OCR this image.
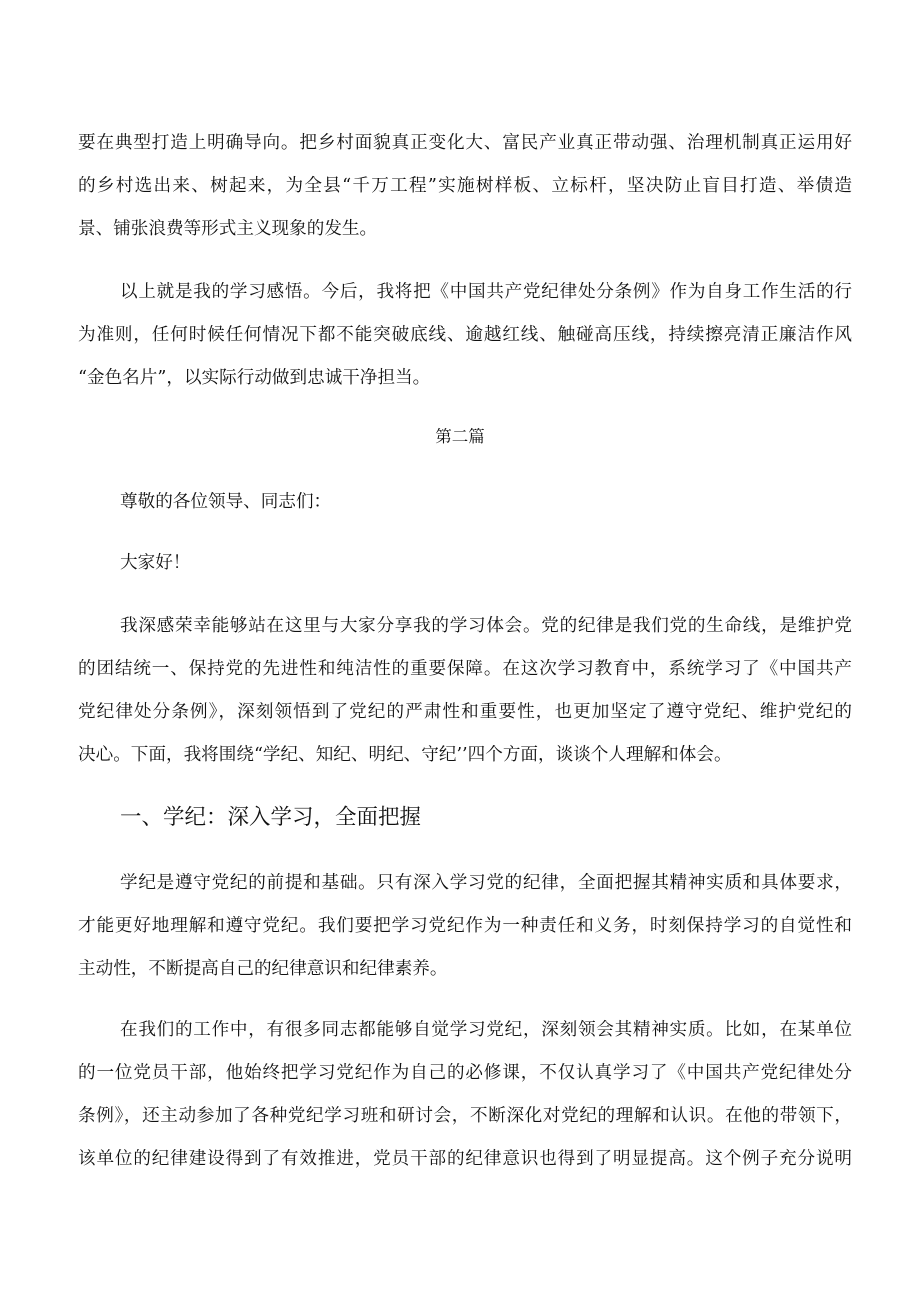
要在典型打造上明确导向。把乡村面貌真正变化大、富民产业真正带动强、治理机制真正运用好
的乡村选出来、树起来，为全县“千万工程”实施树样板、立标杆，坚决防止盲目打造、举债造
景、铺张浪费等形式主义现象的发生。
以上就是我的学习感悟。今后，我将把《中国共产党纪律处分条例》作为自身工作生活的行
为准则，任何时候任何情况下都不能突破底线、逾越红线、触碰高压线，持续擦亮清正廉洁作风
“金色名片”，以实际行动做到忠诚干净担当。
第二篇
尊敬的各位领导、同志们：
大家好！
我深感荣幸能够站在这里与大家分享我的学习体会。党的纪律是我们党的生命线，是维护党
的团结统一、保持党的先进性和纯洁性的重要保障。在这次学习教育中，系统学习了《中国共产
党纪律处分条例》，深刻领悟到了党纪的严肃性和重要性，也更加坚定了遵守党纪、维护党纪的
决心。下面，我将围绕“学纪、知纪、明纪、守纪’’四个方面，谈谈个人理解和体会。
一、学纪：深入学习，全面把握
学纪是遵守党纪的前提和基础。只有深入学习党的纪律，全面把握其精神实质和具体要求，
才能更好地理解和遵守党纪。我们要把学习党纪作为一种责任和义务，时刻保持学习的自觉性和
主动性，不断提高自己的纪律意识和纪律素养。
在我们的工作中，有很多同志都能够自觉学习党纪，深刻领会其精神实质。比如，在某单位
的一位党员干部，他始终把学习党纪作为自己的必修课，不仅认真学习了《中国共产党纪律处分
条例》，还主动参加了各种党纪学习班和研讨会，不断深化对党纪的理解和认识。在他的带领下，
该单位的纪律建设得到了有效推进，党员干部的纪律意识也得到了明显提高。这个例子充分说明
